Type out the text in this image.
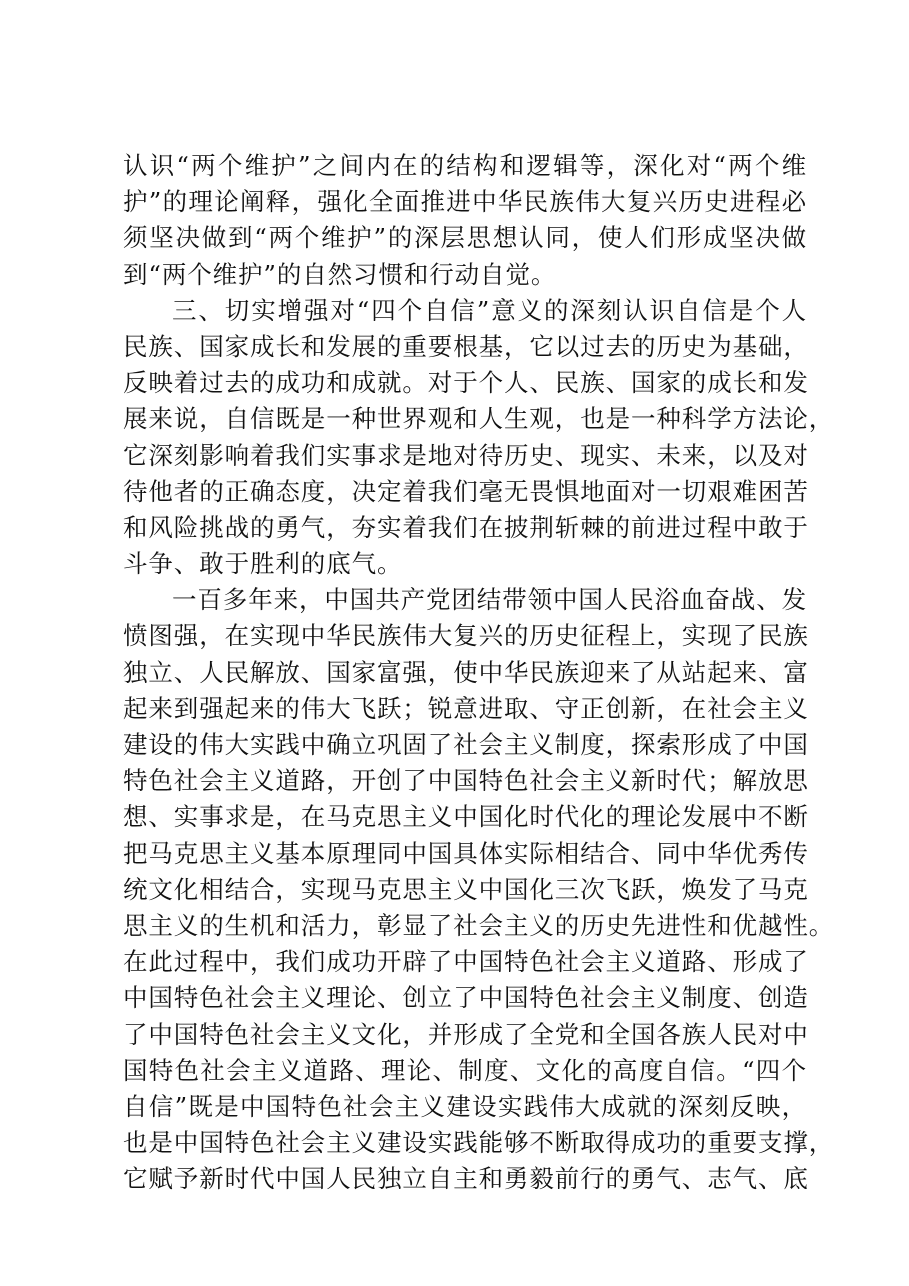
认识“两个维护”之间内在的结构和逻辑等，深化对“两个维
护”的理论阐释，强化全面推进中华民族伟大复兴历史进程必
须坚决做到“两个维护”的深层思想认同，使人们形成坚决做
到“两个维护”的自然习惯和行动自觉。
三、切实增强对“四个自信”意义的深刻认识自信是个人
民族、国家成长和发展的重要根基，它以过去的历史为基础，
反映着过去的成功和成就。对于个人、民族、国家的成长和发
展来说，自信既是一种世界观和人生观，也是一种科学方法论，
它深刻影响着我们实事求是地对待历史、现实、未来，以及对
待他者的正确态度，决定着我们毫无畏惧地面对一切艰难困苦
和风险挑战的勇气，夯实着我们在披荆斩棘的前进过程中敢于
斗争、敢于胜利的底气。
一百多年来，中国共产党团结带领中国人民浴血奋战、发
愤图强，在实现中华民族伟大复兴的历史征程上，实现了民族
独立、人民解放、国家富强，使中华民族迎来了从站起来、富
起来到强起来的伟大飞跃；锐意进取、守正创新，在社会主义
建设的伟大实践中确立巩固了社会主义制度，探索形成了中国
特色社会主义道路，开创了中国特色社会主义新时代；解放思
想、实事求是，在马克思主义中国化时代化的理论发展中不断
把马克思主义基本原理同中国具体实际相结合、同中华优秀传
统文化相结合，实现马克思主义中国化三次飞跃，焕发了马克
思主义的生机和活力，彰显了社会主义的历史先进性和优越性。
在此过程中，我们成功开辟了中国特色社会主义道路、形成了
中国特色社会主义理论、创立了中国特色社会主义制度、创造
了中国特色社会主义文化，并形成了全党和全国各族人民对中
国特色社会主义道路、理论、制度、文化的高度自信。“四个
自信”既是中国特色社会主义建设实践伟大成就的深刻反映，
也是中国特色社会主义建设实践能够不断取得成功的重要支撑，
它赋予新时代中国人民独立自主和勇毅前行的勇气、志气、底
